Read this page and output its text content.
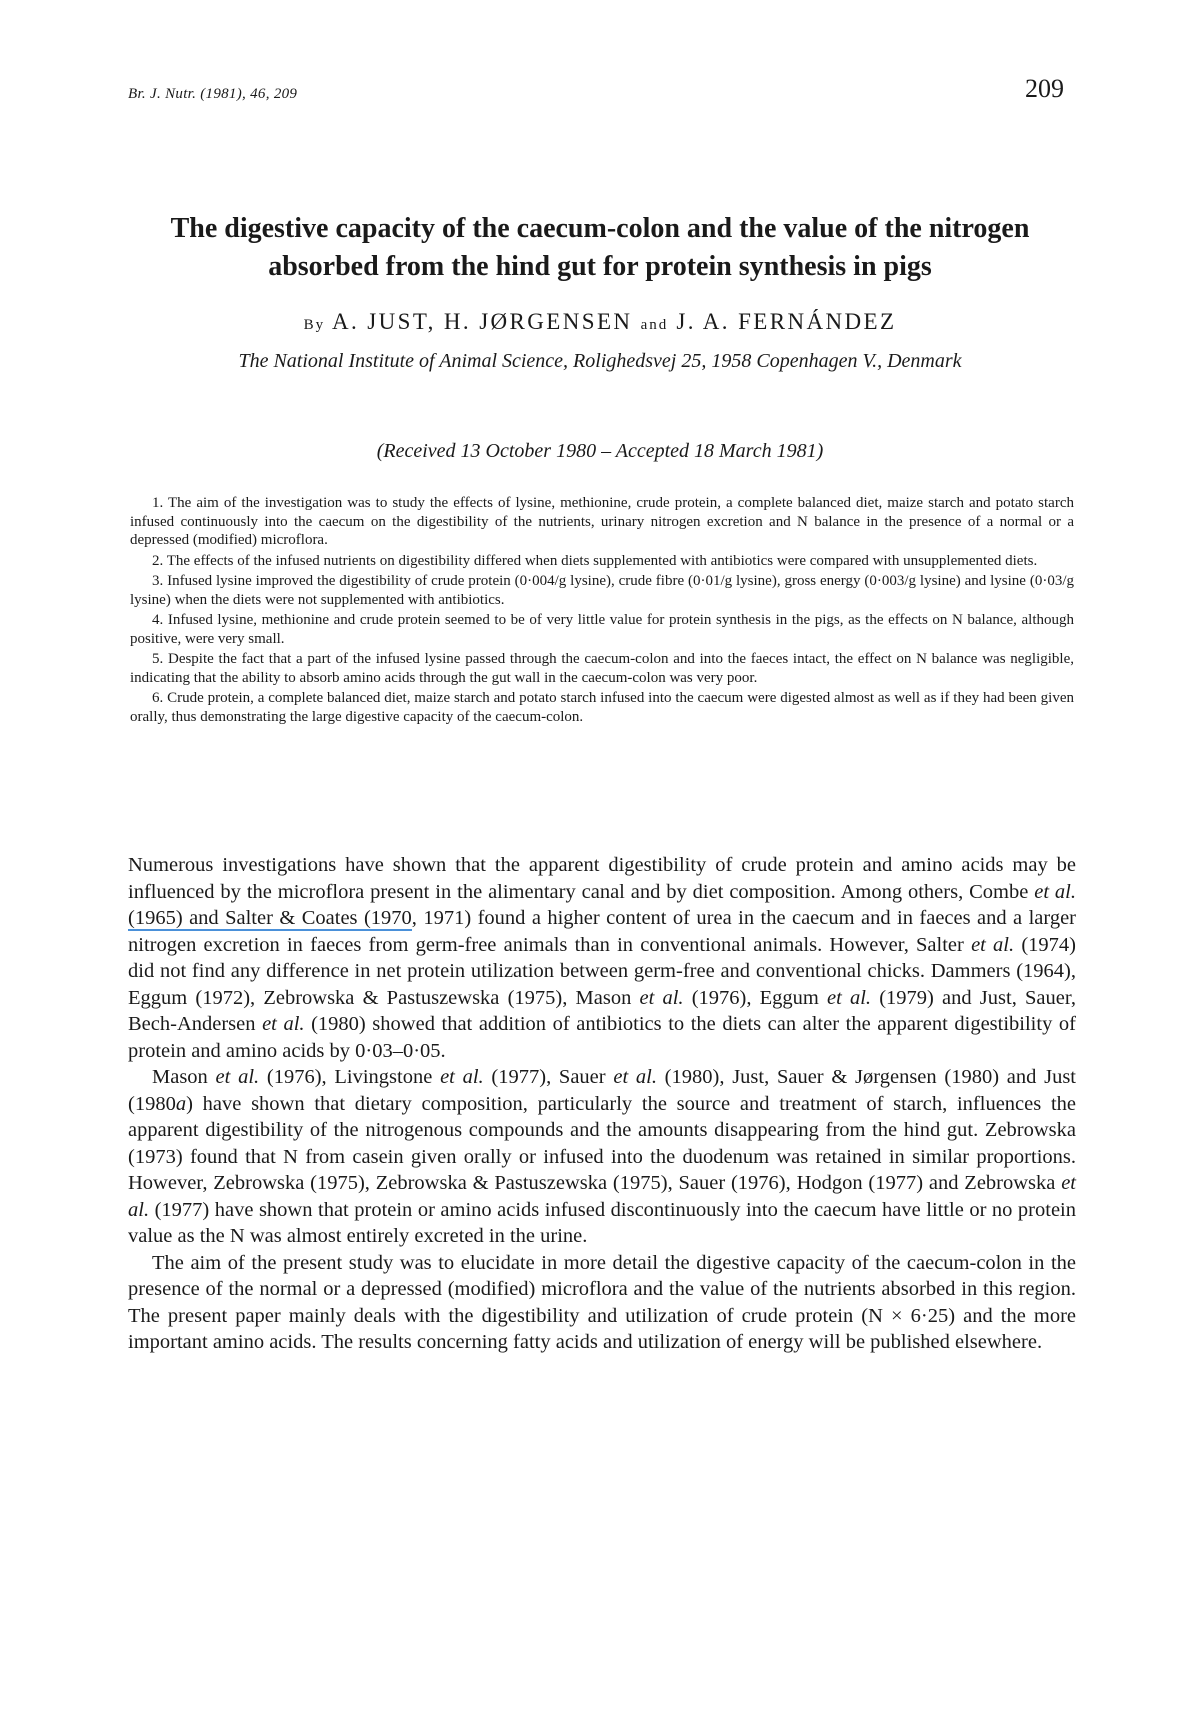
Br. J. Nutr. (1981), 46, 209	209
The digestive capacity of the caecum-colon and the value of the nitrogen absorbed from the hind gut for protein synthesis in pigs
By A. JUST, H. JØRGENSEN and J. A. FERNÁNDEZ
The National Institute of Animal Science, Rolighedsvej 25, 1958 Copenhagen V., Denmark
(Received 13 October 1980 – Accepted 18 March 1981)

1. The aim of the investigation was to study the effects of lysine, methionine, crude protein, a complete balanced diet, maize starch and potato starch infused continuously into the caecum on the digestibility of the nutrients, urinary nitrogen excretion and N balance in the presence of a normal or a depressed (modified) microflora.

2. The effects of the infused nutrients on digestibility differed when diets supplemented with antibiotics were compared with unsupplemented diets.

3. Infused lysine improved the digestibility of crude protein (0·004/g lysine), crude fibre (0·01/g lysine), gross energy (0·003/g lysine) and lysine (0·03/g lysine) when the diets were not supplemented with antibiotics.

4. Infused lysine, methionine and crude protein seemed to be of very little value for protein synthesis in the pigs, as the effects on N balance, although positive, were very small.

5. Despite the fact that a part of the infused lysine passed through the caecum-colon and into the faeces intact, the effect on N balance was negligible, indicating that the ability to absorb amino acids through the gut wall in the caecum-colon was very poor.

6. Crude protein, a complete balanced diet, maize starch and potato starch infused into the caecum were digested almost as well as if they had been given orally, thus demonstrating the large digestive capacity of the caecum-colon.

Numerous investigations have shown that the apparent digestibility of crude protein and amino acids may be influenced by the microflora present in the alimentary canal and by diet composition. Among others, Combe et al. (1965) and Salter & Coates (1970, 1971) found a higher content of urea in the caecum and in faeces and a larger nitrogen excretion in faeces from germ-free animals than in conventional animals. However, Salter et al. (1974) did not find any difference in net protein utilization between germ-free and conventional chicks. Dammers (1964), Eggum (1972), Zebrowska & Pastuszewska (1975), Mason et al. (1976), Eggum et al. (1979) and Just, Sauer, Bech-Andersen et al. (1980) showed that addition of antibiotics to the diets can alter the apparent digestibility of protein and amino acids by 0·03–0·05.

Mason et al. (1976), Livingstone et al. (1977), Sauer et al. (1980), Just, Sauer & Jørgensen (1980) and Just (1980a) have shown that dietary composition, particularly the source and treatment of starch, influences the apparent digestibility of the nitrogenous compounds and the amounts disappearing from the hind gut. Zebrowska (1973) found that N from casein given orally or infused into the duodenum was retained in similar proportions. However, Zebrowska (1975), Zebrowska & Pastuszewska (1975), Sauer (1976), Hodgon (1977) and Zebrowska et al. (1977) have shown that protein or amino acids infused discontinuously into the caecum have little or no protein value as the N was almost entirely excreted in the urine.

The aim of the present study was to elucidate in more detail the digestive capacity of the caecum-colon in the presence of the normal or a depressed (modified) microflora and the value of the nutrients absorbed in this region. The present paper mainly deals with the digestibility and utilization of crude protein (N × 6·25) and the more important amino acids. The results concerning fatty acids and utilization of energy will be published elsewhere.
